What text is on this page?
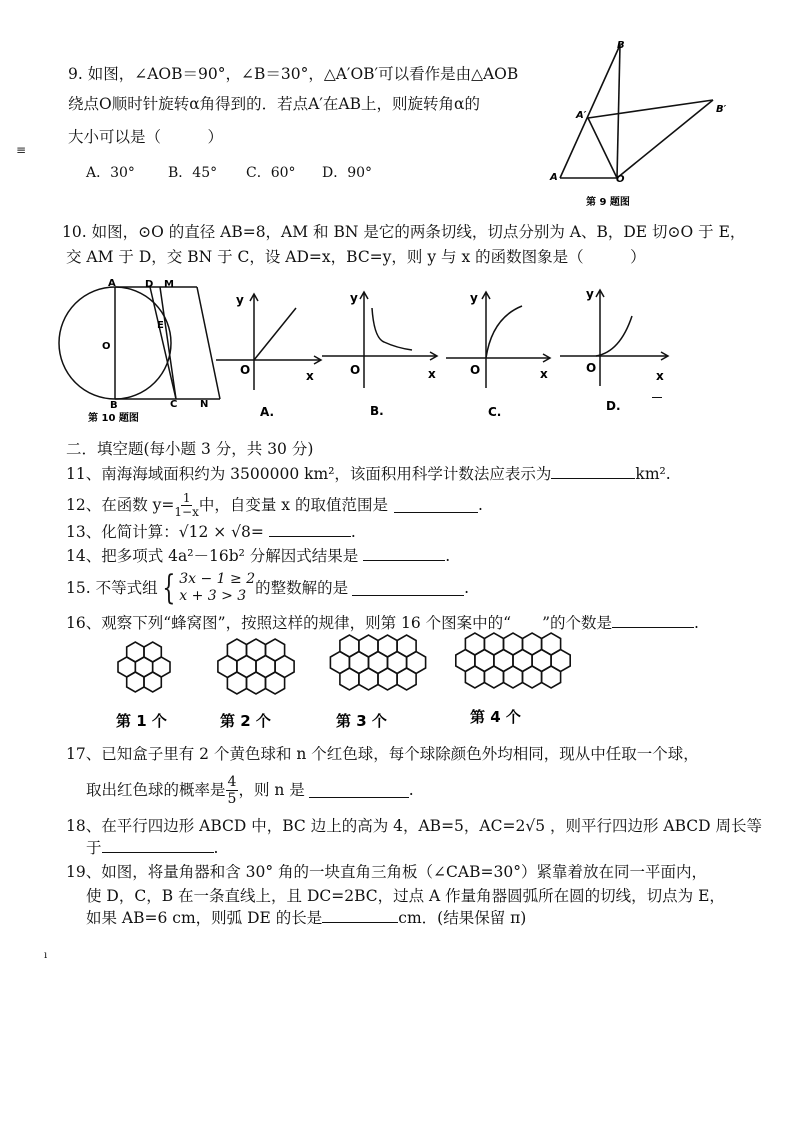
≡
9. 如图，∠AOB＝90°，∠B＝30°，△A′OB′可以看作是由△AOB
绕点O顺时针旋转α角得到的．若点A′在AB上，则旋转角α的
大小可以是（　　　）
A．30° B．45° C．60° D．90°
B
B′
A′
A	O
第 9 题图
10. 如图，⊙O 的直径 AB=8，AM 和 BN 是它的两条切线，切点分别为 A、B，DE 切⊙O 于 E，
交 AM 于 D，交 BN 于 C，设 AD=x，BC=y，则 y 与 x 的函数图象是（　　　）
A	D M
O
E
B	C N
第 10 题图
y
O	x
A.
y
O	x
B.
y
O	x
C.
y
O
x
D.
二．填空题(每小题 3 分，共 30 分)
11、南海海域面积约为 3500000 km²，该面积用科学计数法应表示为	km².
12、在函数 $y= \frac{1}{1-x}$ 中，自变量 x 的取值范围是	.
13、化简计算：√12 × √8=	.
14、把多项式 4a²－16b² 分解因式结果是	.
15. 不等式组 { 3x − 1 ≥ 2
x + 3 > 3 的整数解的是	.
16、观察下列“蜂窝图”，按照这样的规律，则第 16 个图案中的“　　”的个数是	.
第 1 个	第 2 个	第 3 个	第 4 个
17、已知盒子里有 2 个黄色球和 n 个红色球，每个球除颜色外均相同，现从中任取一个球，
取出红色球的概率是 $\frac{4}{5}$ ，则 n 是	.
18、在平行四边形 ABCD 中，BC 边上的高为 4，AB=5，AC=2√5 ，则平行四边形 ABCD 周长等
于	.
19、如图，将量角器和含 30° 角的一块直角三角板（∠CAB=30°）紧靠着放在同一平面内，
使 D，C，B 在一条直线上，且 DC=2BC，过点 A 作量角器圆弧所在圆的切线，切点为 E，
如果 AB=6 cm，则弧 DE 的长是	cm．(结果保留 π)
ı
